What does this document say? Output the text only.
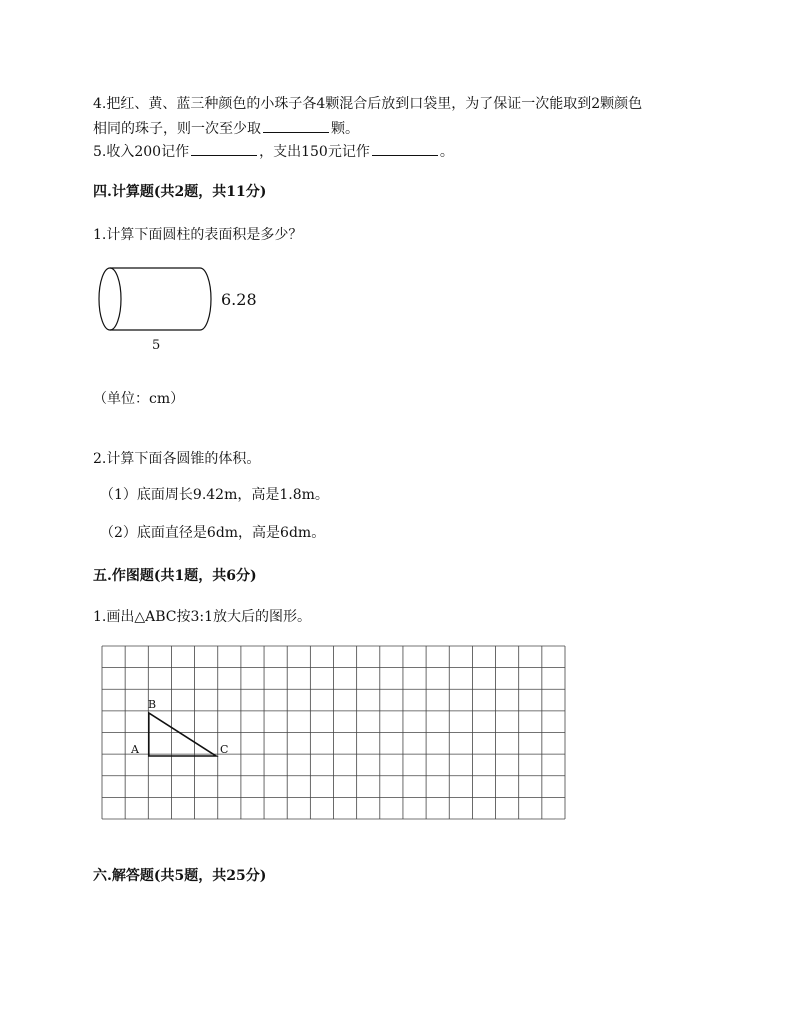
4.把红、黄、蓝三种颜色的小珠子各4颗混合后放到口袋里，为了保证一次能取到2颗颜色
相同的珠子，则一次至少取	颗。
5.收入200记作	，支出150元记作	。
四.计算题(共2题，共11分)
1.计算下面圆柱的表面积是多少？
6.28
5
（单位：cm）
2.计算下面各圆锥的体积。
（1）底面周长9.42m，高是1.8m。
（2）底面直径是6dm，高是6dm。
五.作图题(共1题，共6分)
1.画出△ABC按3:1放大后的图形。
A
B
C
六.解答题(共5题，共25分)
